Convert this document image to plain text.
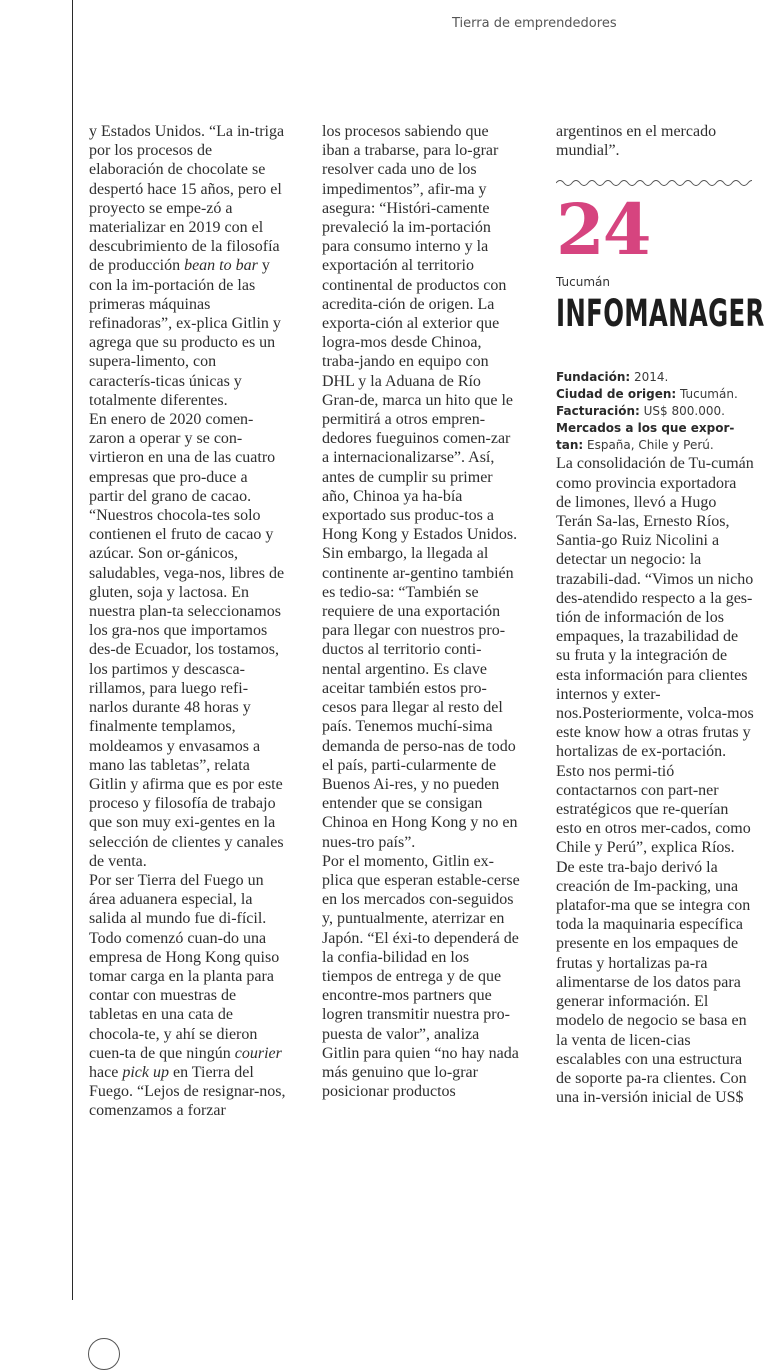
Tierra de emprendedores

y Estados Unidos. “La in-triga por los procesos de elaboración de chocolate se despertó hace 15 años, pero el proyecto se empe-zó a materializar en 2019 con el descubrimiento de la filosofía de producción bean to bar y con la im-portación de las primeras máquinas refinadoras”, ex-plica Gitlin y agrega que su producto es un supera-limento, con caracterís-ticas únicas y totalmente diferentes.

En enero de 2020 comen-zaron a operar y se con-virtieron en una de las cuatro empresas que pro-duce a partir del grano de cacao. “Nuestros chocola-tes solo contienen el fruto de cacao y azúcar. Son or-gánicos, saludables, vega-nos, libres de gluten, soja y lactosa. En nuestra plan-ta seleccionamos los gra-nos que importamos des-de Ecuador, los tostamos, los partimos y descasca-rillamos, para luego refi-narlos durante 48 horas y finalmente templamos, moldeamos y envasamos a mano las tabletas”, relata Gitlin y afirma que es por este proceso y filosofía de trabajo que son muy exi-gentes en la selección de clientes y canales de venta.

Por ser Tierra del Fuego un área aduanera especial, la salida al mundo fue di-fícil. Todo comenzó cuan-do una empresa de Hong Kong quiso tomar carga en la planta para contar con muestras de tabletas en una cata de chocola-te, y ahí se dieron cuen-ta de que ningún courier hace pick up en Tierra del Fuego. “Lejos de resignar-nos, comenzamos a forzar

los procesos sabiendo que iban a trabarse, para lo-grar resolver cada uno de los impedimentos”, afir-ma y asegura: “Históri-camente prevaleció la im-portación para consumo interno y la exportación al territorio continental de productos con acredita-ción de origen. La exporta-ción al exterior que logra-mos desde Chinoa, traba-jando en equipo con DHL y la Aduana de Río Gran-de, marca un hito que le permitirá a otros empren-dedores fueguinos comen-zar a internacionalizarse”. Así, antes de cumplir su primer año, Chinoa ya ha-bía exportado sus produc-tos a Hong Kong y Estados Unidos. Sin embargo, la llegada al continente ar-gentino también es tedio-sa: “También se requiere de una exportación para llegar con nuestros pro-ductos al territorio conti-nental argentino. Es clave aceitar también estos pro-cesos para llegar al resto del país. Tenemos muchí-sima demanda de perso-nas de todo el país, parti-cularmente de Buenos Ai-res, y no pueden entender que se consigan Chinoa en Hong Kong y no en nues-tro país”.

Por el momento, Gitlin ex-plica que esperan estable-cerse en los mercados con-seguidos y, puntualmente, aterrizar en Japón. “El éxi-to dependerá de la confia-bilidad en los tiempos de entrega y de que encontre-mos partners que logren transmitir nuestra pro-puesta de valor”, analiza Gitlin para quien “no hay nada más genuino que lo-grar posicionar productos

argentinos en el mercado mundial”.

24
Tucumán
INFOMANAGER
Fundación: 2014.
Ciudad de origen: Tucumán.
Facturación: US$ 800.000.
Mercados a los que expor-tan: España, Chile y Perú.

La consolidación de Tu-cumán como provincia exportadora de limones, llevó a Hugo Terán Sa-las, Ernesto Ríos, Santia-go Ruiz Nicolini a detectar un negocio: la trazabili-dad. “Vimos un nicho des-atendido respecto a la ges-tión de información de los empaques, la trazabilidad de su fruta y la integración de esta información para clientes internos y exter-nos.Posteriormente, volca-mos este know how a otras frutas y hortalizas de ex-portación. Esto nos permi-tió contactarnos con part-ner estratégicos que re-querían esto en otros mer-cados, como Chile y Perú”, explica Ríos. De este tra-bajo derivó la creación de Im-packing, una platafor-ma que se integra con toda la maquinaria específica presente en los empaques de frutas y hortalizas pa-ra alimentarse de los datos para generar información. El modelo de negocio se basa en la venta de licen-cias escalables con una estructura de soporte pa-ra clientes. Con una in-versión inicial de US$
